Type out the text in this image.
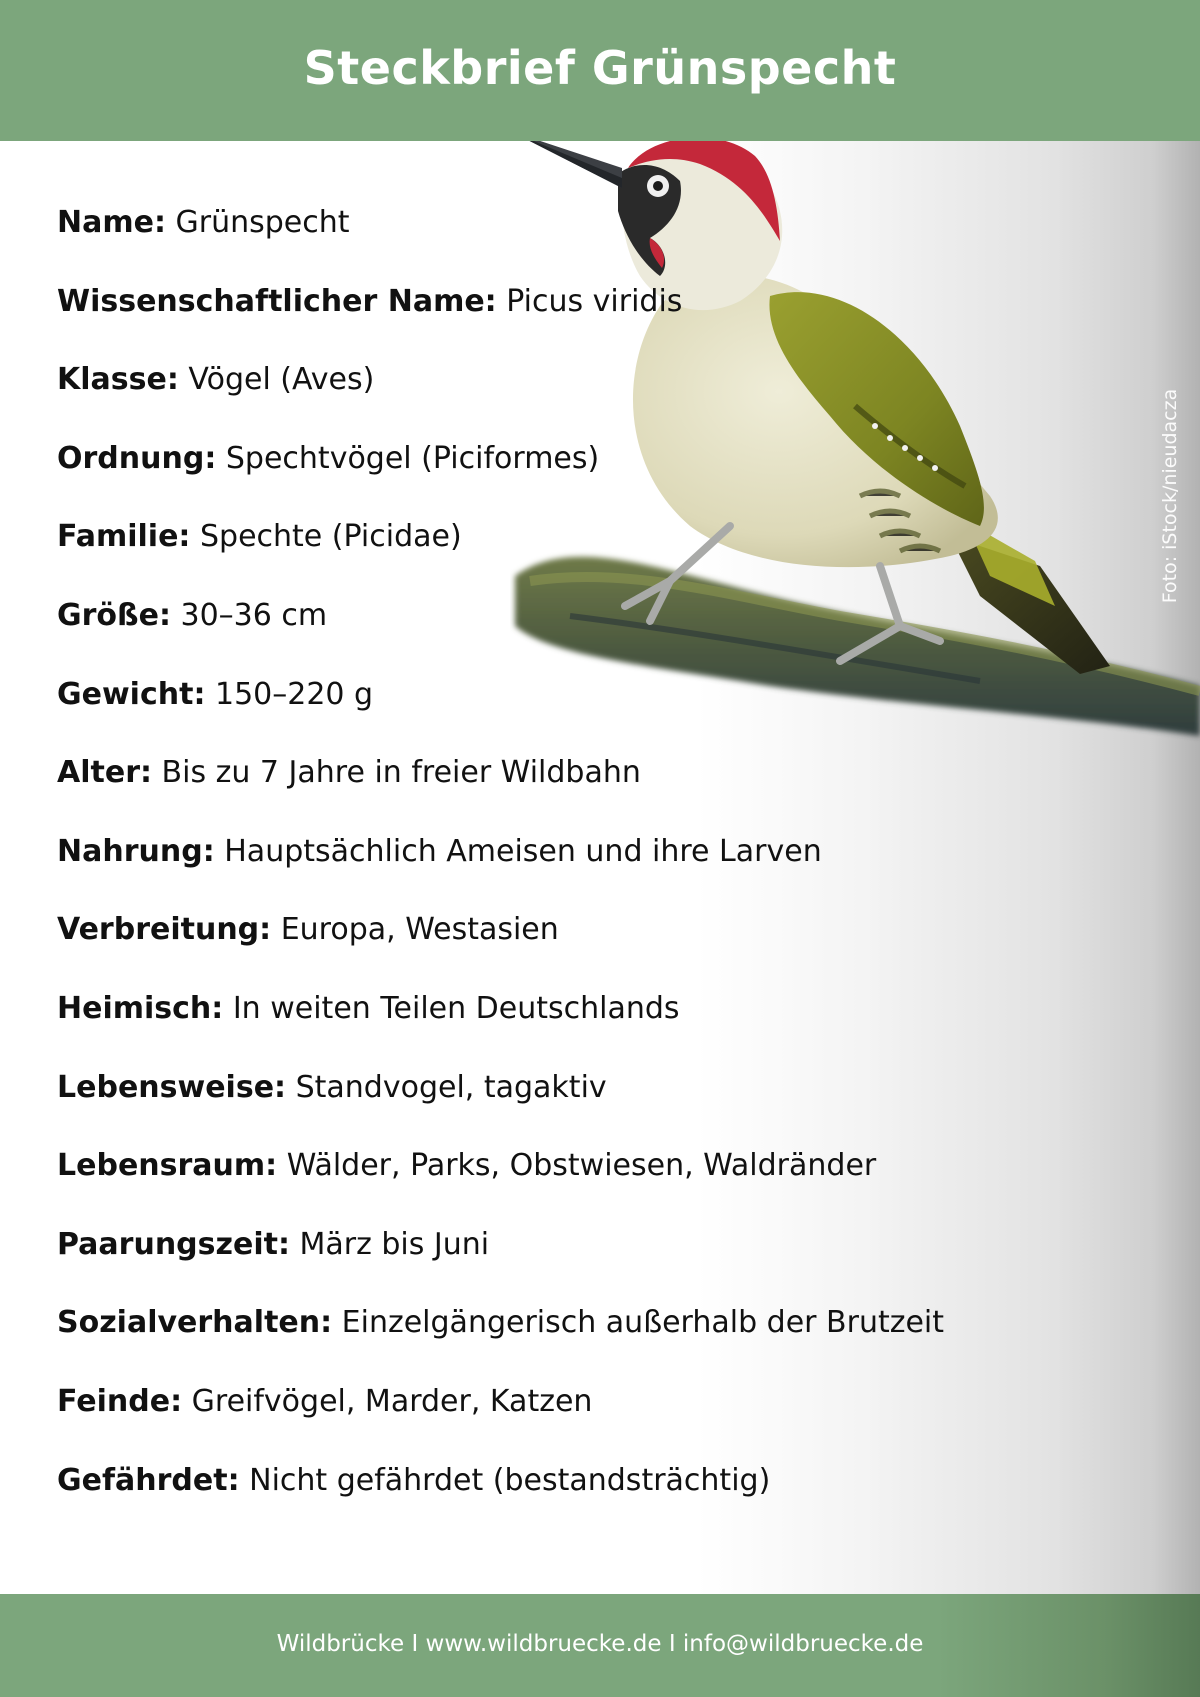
Steckbrief Grünspecht
Foto: iStock/nieudacza
Name: Grünspecht
Wissenschaftlicher Name: Picus viridis
Klasse: Vögel (Aves)
Ordnung: Spechtvögel (Piciformes)
Familie: Spechte (Picidae)
Größe: 30–36 cm
Gewicht: 150–220 g
Alter: Bis zu 7 Jahre in freier Wildbahn
Nahrung: Hauptsächlich Ameisen und ihre Larven
Verbreitung: Europa, Westasien
Heimisch: In weiten Teilen Deutschlands
Lebensweise: Standvogel, tagaktiv
Lebensraum: Wälder, Parks, Obstwiesen, Waldränder
Paarungszeit: März bis Juni
Sozialverhalten: Einzelgängerisch außerhalb der Brutzeit
Feinde: Greifvögel, Marder, Katzen
Gefährdet: Nicht gefährdet (bestandsträchtig)
Wildbrücke I www.wildbruecke.de I info@wildbruecke.de
